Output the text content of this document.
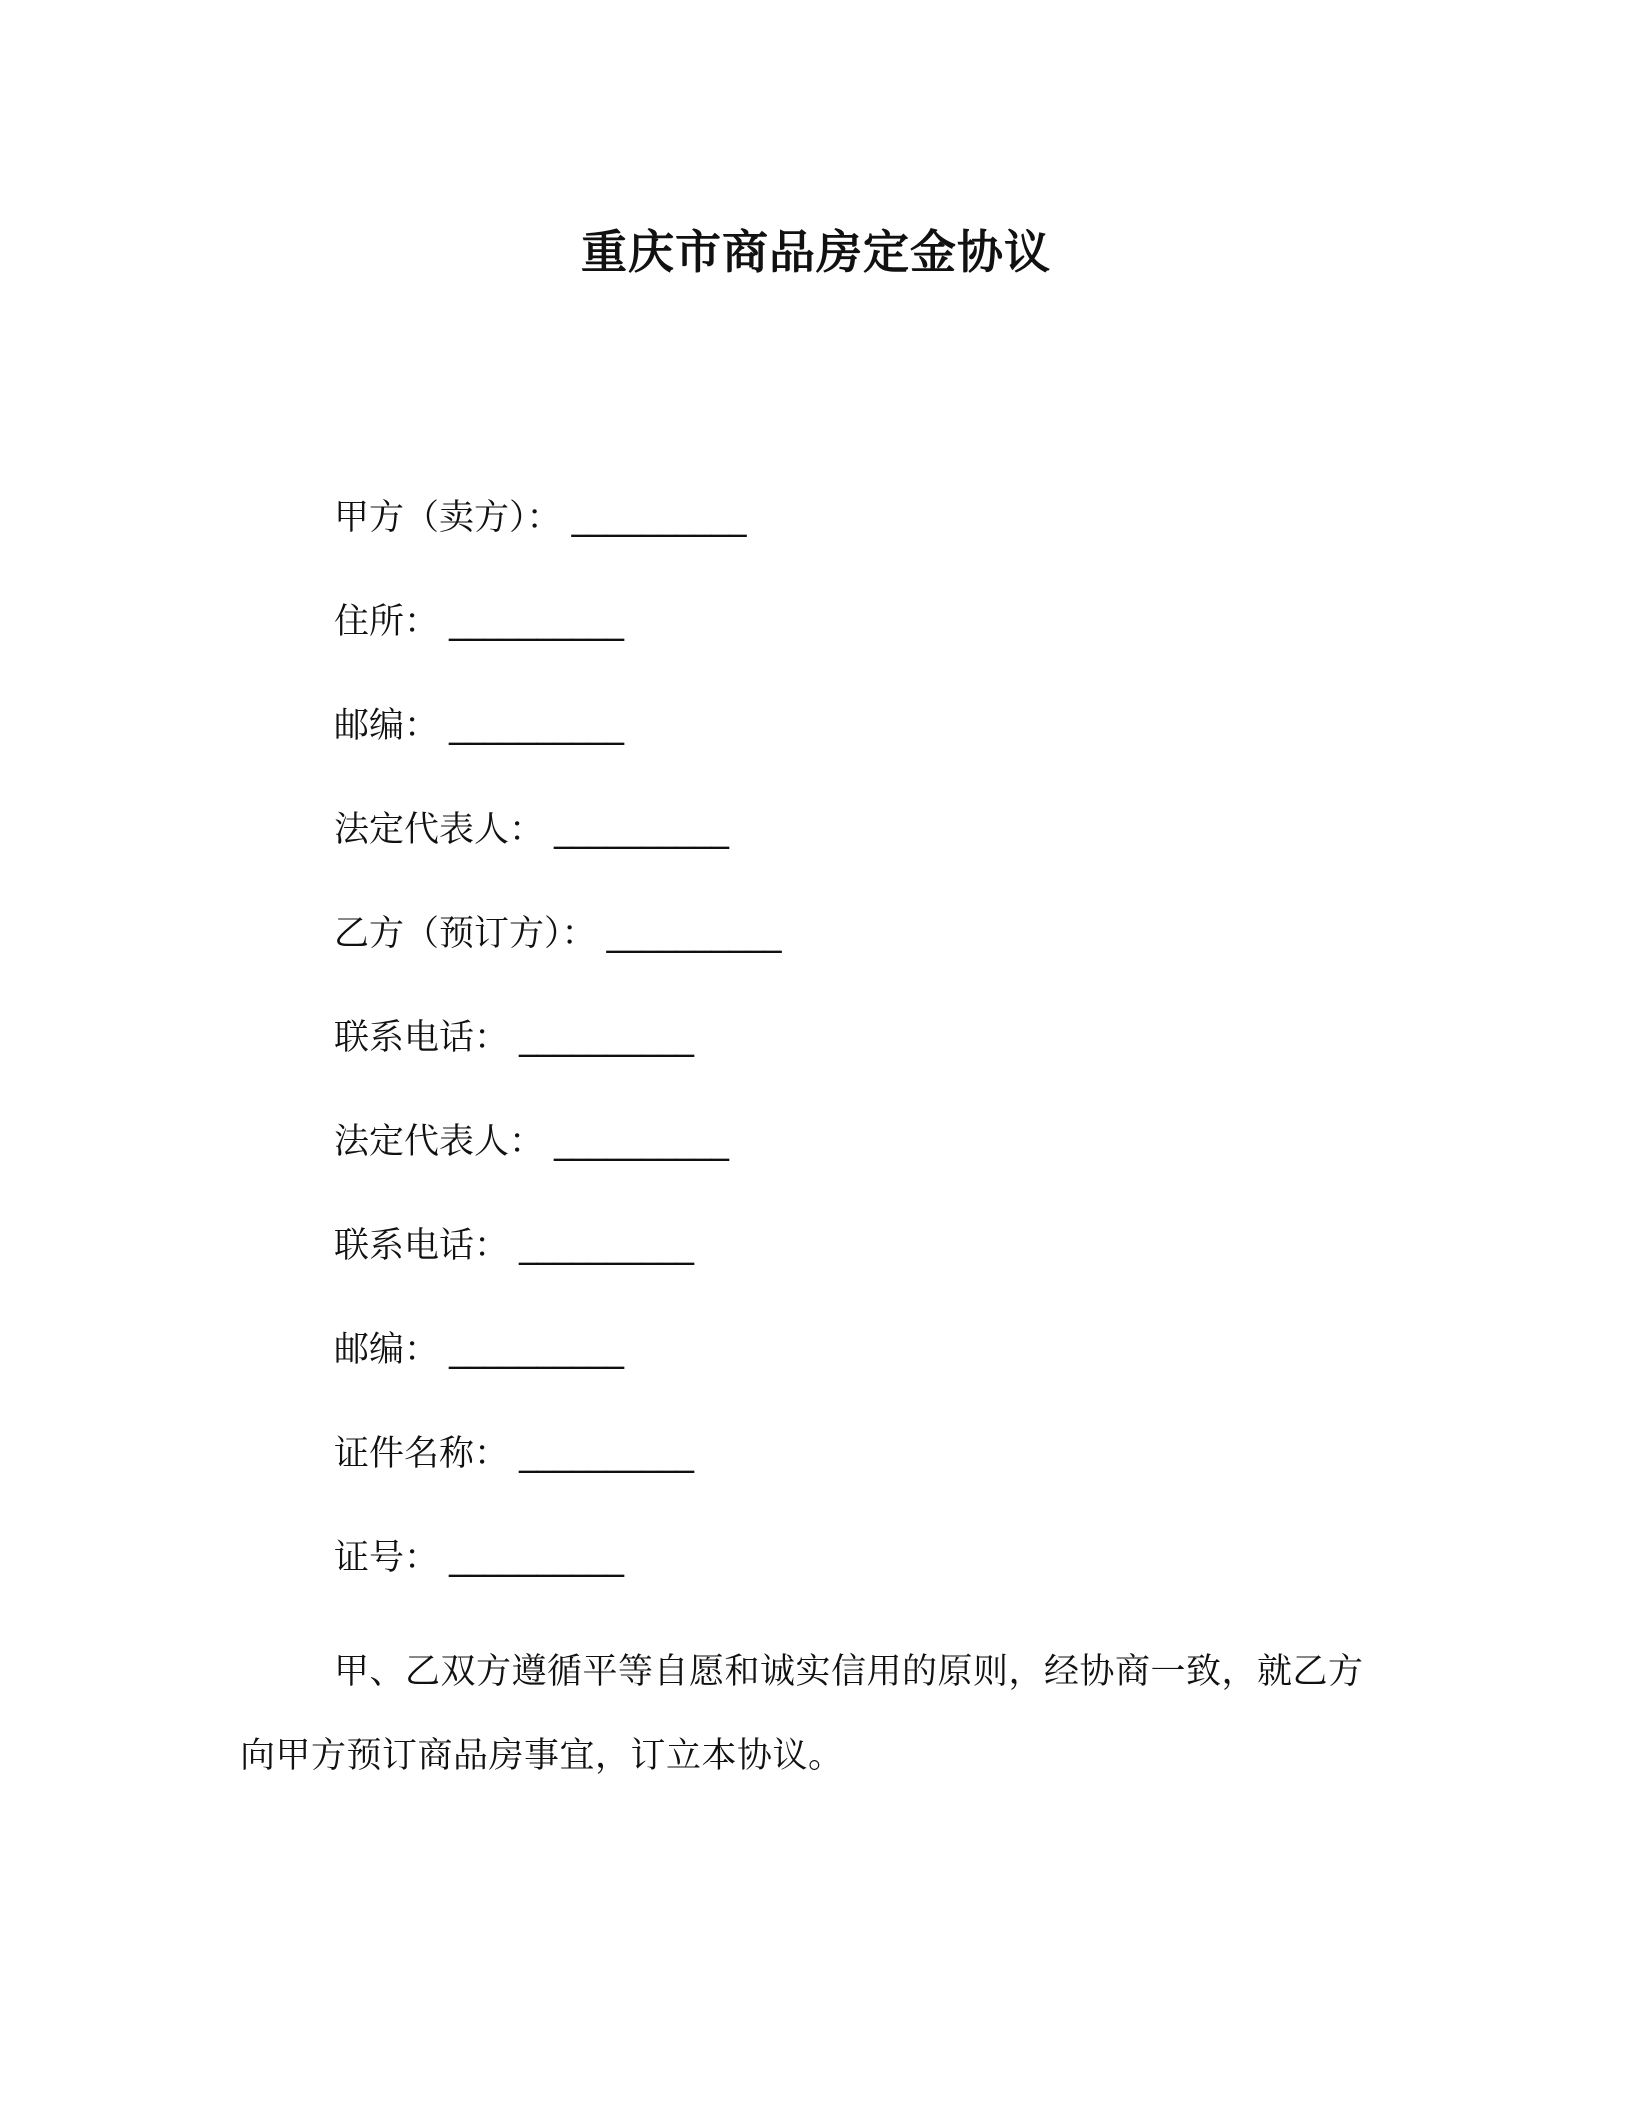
重庆市商品房定金协议
甲方（卖方）： __________
住所： __________
邮编： __________
法定代表人： __________
乙方（预订方）： __________
联系电话： __________
法定代表人： __________
联系电话： __________
邮编： __________
证件名称： __________
证号： __________

甲、乙双方遵循平等自愿和诚实信用的原则，经协商一致，就乙方向甲方预订商品房事宜，订立本协议。
